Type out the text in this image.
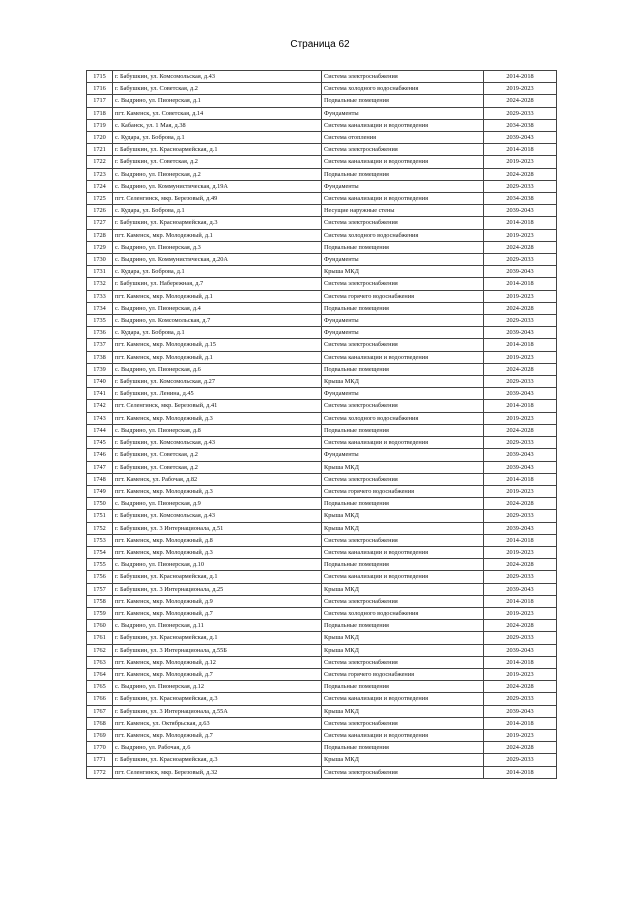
Страница 62
1715	г. Бабушкин, ул. Комсомольская, д.43	Система электроснабжения	2014-2018
1716	г. Бабушкин, ул. Советская, д.2	Система холодного водоснабжения	2019-2023
1717	с. Выдрино, ул. Пионерская, д.1	Подвальные помещения	2024-2028
1718	пгт. Каменск, ул. Советская, д.14	Фундаменты	2029-2033
1719	с. Кабанск, ул. 1 Мая, д.38	Система канализации и водоотведения	2034-2038
1720	с. Кудара, ул. Боброва, д.1	Система отопления	2039-2043
1721	г. Бабушкин, ул. Красноармейская, д.1	Система электроснабжения	2014-2018
1722	г. Бабушкин, ул. Советская, д.2	Система канализации и водоотведения	2019-2023
1723	с. Выдрино, ул. Пионерская, д.2	Подвальные помещения	2024-2028
1724	с. Выдрино, ул. Коммунистическая, д.19А	Фундаменты	2029-2033
1725	пгт. Селенгинск, мкр. Березовый, д.49	Система канализации и водоотведения	2034-2038
1726	с. Кудара, ул. Боброва, д.1	Несущие наружные стены	2039-2043
1727	г. Бабушкин, ул. Красноармейская, д.3	Система электроснабжения	2014-2018
1728	пгт. Каменск, мкр. Молодежный, д.1	Система холодного водоснабжения	2019-2023
1729	с. Выдрино, ул. Пионерская, д.3	Подвальные помещения	2024-2028
1730	с. Выдрино, ул. Коммунистическая, д.20А	Фундаменты	2029-2033
1731	с. Кудара, ул. Боброва, д.1	Крыша МКД	2039-2043
1732	г. Бабушкин, ул. Набережная, д.7	Система электроснабжения	2014-2018
1733	пгт. Каменск, мкр. Молодежный, д.1	Система горячего водоснабжения	2019-2023
1734	с. Выдрино, ул. Пионерская, д.4	Подвальные помещения	2024-2028
1735	с. Выдрино, ул. Комсомольская, д.7	Фундаменты	2029-2033
1736	с. Кудара, ул. Боброва, д.1	Фундаменты	2039-2043
1737	пгт. Каменск, мкр. Молодежный, д.15	Система электроснабжения	2014-2018
1738	пгт. Каменск, мкр. Молодежный, д.1	Система канализации и водоотведения	2019-2023
1739	с. Выдрино, ул. Пионерская, д.6	Подвальные помещения	2024-2028
1740	г. Бабушкин, ул. Комсомольская, д.27	Крыша МКД	2029-2033
1741	г. Бабушкин, ул. Ленина, д.45	Фундаменты	2039-2043
1742	пгт. Селенгинск, мкр. Березовый, д.41	Система электроснабжения	2014-2018
1743	пгт. Каменск, мкр. Молодежный, д.3	Система холодного водоснабжения	2019-2023
1744	с. Выдрино, ул. Пионерская, д.8	Подвальные помещения	2024-2028
1745	г. Бабушкин, ул. Комсомольская, д.43	Система канализации и водоотведения	2029-2033
1746	г. Бабушкин, ул. Советская, д.2	Фундаменты	2039-2043
1747	г. Бабушкин, ул. Советская, д.2	Крыша МКД	2039-2043
1748	пгт. Каменск, ул. Рабочая, д.82	Система электроснабжения	2014-2018
1749	пгт. Каменск, мкр. Молодежный, д.3	Система горячего водоснабжения	2019-2023
1750	с. Выдрино, ул. Пионерская, д.9	Подвальные помещения	2024-2028
1751	г. Бабушкин, ул. Комсомольская, д.43	Крыша МКД	2029-2033
1752	г. Бабушкин, ул. 3 Интернационала, д.51	Крыша МКД	2039-2043
1753	пгт. Каменск, мкр. Молодежный, д.8	Система электроснабжения	2014-2018
1754	пгт. Каменск, мкр. Молодежный, д.3	Система канализации и водоотведения	2019-2023
1755	с. Выдрино, ул. Пионерская, д.10	Подвальные помещения	2024-2028
1756	г. Бабушкин, ул. Красноармейская, д.1	Система канализации и водоотведения	2029-2033
1757	г. Бабушкин, ул. 3 Интернационала, д.25	Крыша МКД	2039-2043
1758	пгт. Каменск, мкр. Молодежный, д.9	Система электроснабжения	2014-2018
1759	пгт. Каменск, мкр. Молодежный, д.7	Система холодного водоснабжения	2019-2023
1760	с. Выдрино, ул. Пионерская, д.11	Подвальные помещения	2024-2028
1761	г. Бабушкин, ул. Красноармейская, д.1	Крыша МКД	2029-2033
1762	г. Бабушкин, ул. 3 Интернационала, д.55Б	Крыша МКД	2039-2043
1763	пгт. Каменск, мкр. Молодежный, д.12	Система электроснабжения	2014-2018
1764	пгт. Каменск, мкр. Молодежный, д.7	Система горячего водоснабжения	2019-2023
1765	с. Выдрино, ул. Пионерская, д.12	Подвальные помещения	2024-2028
1766	г. Бабушкин, ул. Красноармейская, д.3	Система канализации и водоотведения	2029-2033
1767	г. Бабушкин, ул. 3 Интернационала, д.55А	Крыша МКД	2039-2043
1768	пгт. Каменск, ул. Октябрьская, д.63	Система электроснабжения	2014-2018
1769	пгт. Каменск, мкр. Молодежный, д.7	Система канализации и водоотведения	2019-2023
1770	с. Выдрино, ул. Рабочая, д.6	Подвальные помещения	2024-2028
1771	г. Бабушкин, ул. Красноармейская, д.3	Крыша МКД	2029-2033
1772	пгт. Селенгинск, мкр. Березовый, д.32	Система электроснабжения	2014-2018
